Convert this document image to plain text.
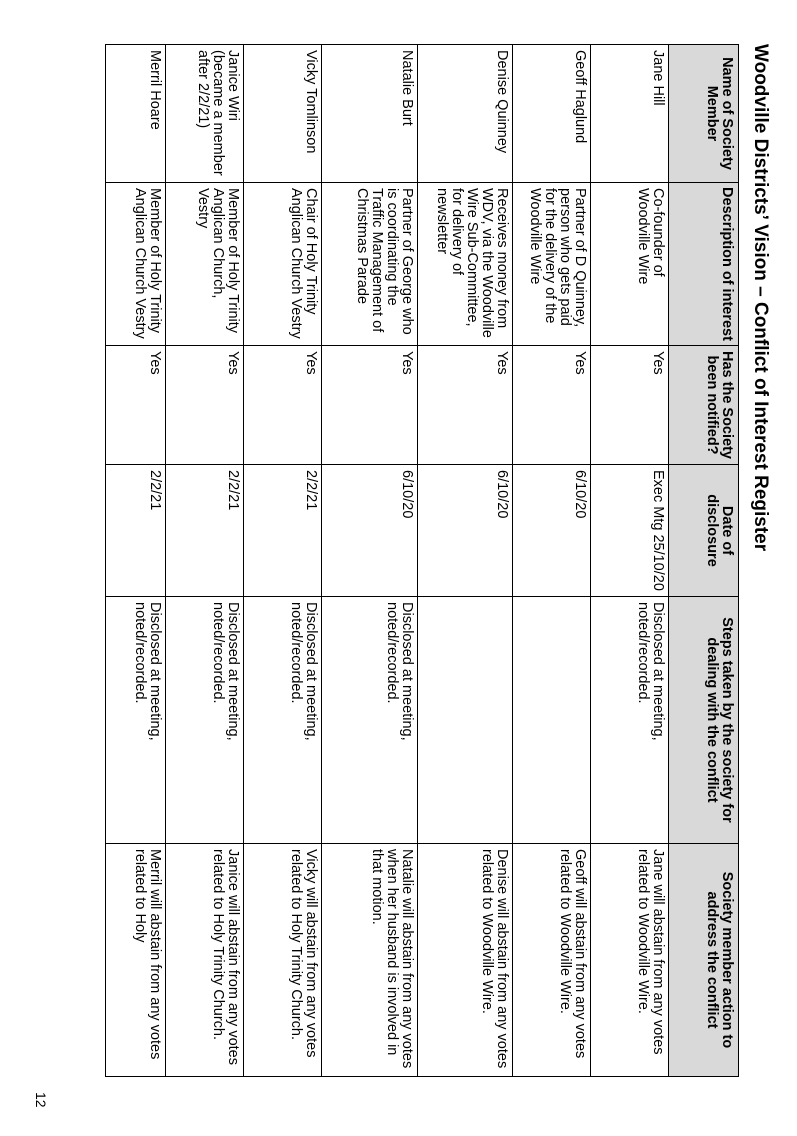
Woodville Districts’ Vision – Conflict of Interest Register
Name of Society Member	Description of interest	Has the Society been notified?	Date of disclosure	Steps taken by the society for dealing with the conflict	Society member action to address the conflict
Jane Hill	Co-founder of Woodville Wire	Yes	Exec Mtg 25/10/20	Disclosed at meeting, noted/recorded.	Jane will abstain from any votes related to Woodville Wire.
Geoff Haglund	Partner of D Quinney, person who gets paid for the delivery of the Woodville Wire	Yes	6/10/20		Geoff will abstain from any votes related to Woodville Wire.
Denise Quinney	Receives money from WDV, via the Woodville Wire Sub-Committee, for delivery of newsletter	Yes	6/10/20		Denise will abstain from any votes related to Woodville Wire.
Natalie Burt	Partner of George who is coordinating the Traffic Management of Christmas Parade	Yes	6/10/20	Disclosed at meeting, noted/recorded.	Natalie will abstain from any votes when her husband is involved in that motion.
Vicky Tomlinson	Chair of Holy Trinity Anglican Church Vestry	Yes	2/2/21	Disclosed at meeting, noted/recorded.	Vicky will abstain from any votes related to Holy Trinity Church.
Janice Wiri (became a member after 2/2/21)	Member of Holy Trinity Anglican Church, Vestry	Yes	2/2/21	Disclosed at meeting, noted/recorded.	Janice will abstain from any votes related to Holy Trinity Church.
Merril Hoare	Member of Holy Trinity Anglican Church Vestry	Yes	2/2/21	Disclosed at meeting, noted/recorded.	Merril will abstain from any votes related to Holy
12
